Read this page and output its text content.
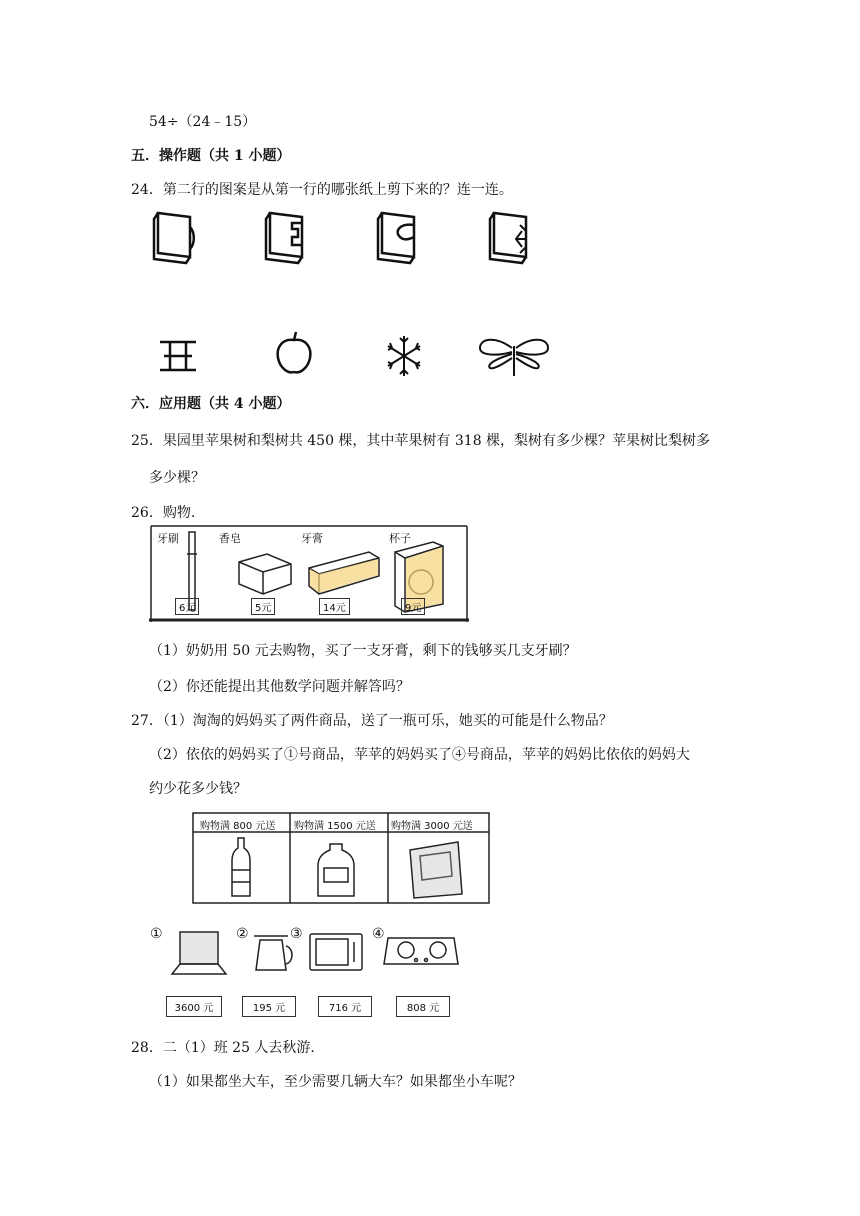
54÷（24﹣15）
五．操作题（共 1 小题）
24．第二行的图案是从第一行的哪张纸上剪下来的？连一连。
六．应用题（共 4 小题）
25．果园里苹果树和梨树共 450 棵，其中苹果树有 318 棵，梨树有多少棵？苹果树比梨树多
多少棵？
26．购物.
牙刷	香皂	牙膏	杯子
6元	5元	14元	9元
（1）奶奶用 50 元去购物，买了一支牙膏，剩下的钱够买几支牙刷？
（2）你还能提出其他数学问题并解答吗？
27．（1）淘淘的妈妈买了两件商品，送了一瓶可乐，她买的可能是什么物品？
（2）依依的妈妈买了①号商品，苹苹的妈妈买了④号商品，苹苹的妈妈比依依的妈妈大
约少花多少钱？
购物满 800 元送 购物满 1500 元送 购物满 3000 元送
①	②	③	④
3600 元	195 元	716 元	808 元
28．二（1）班 25 人去秋游.
（1）如果都坐大车，至少需要几辆大车？如果都坐小车呢？
